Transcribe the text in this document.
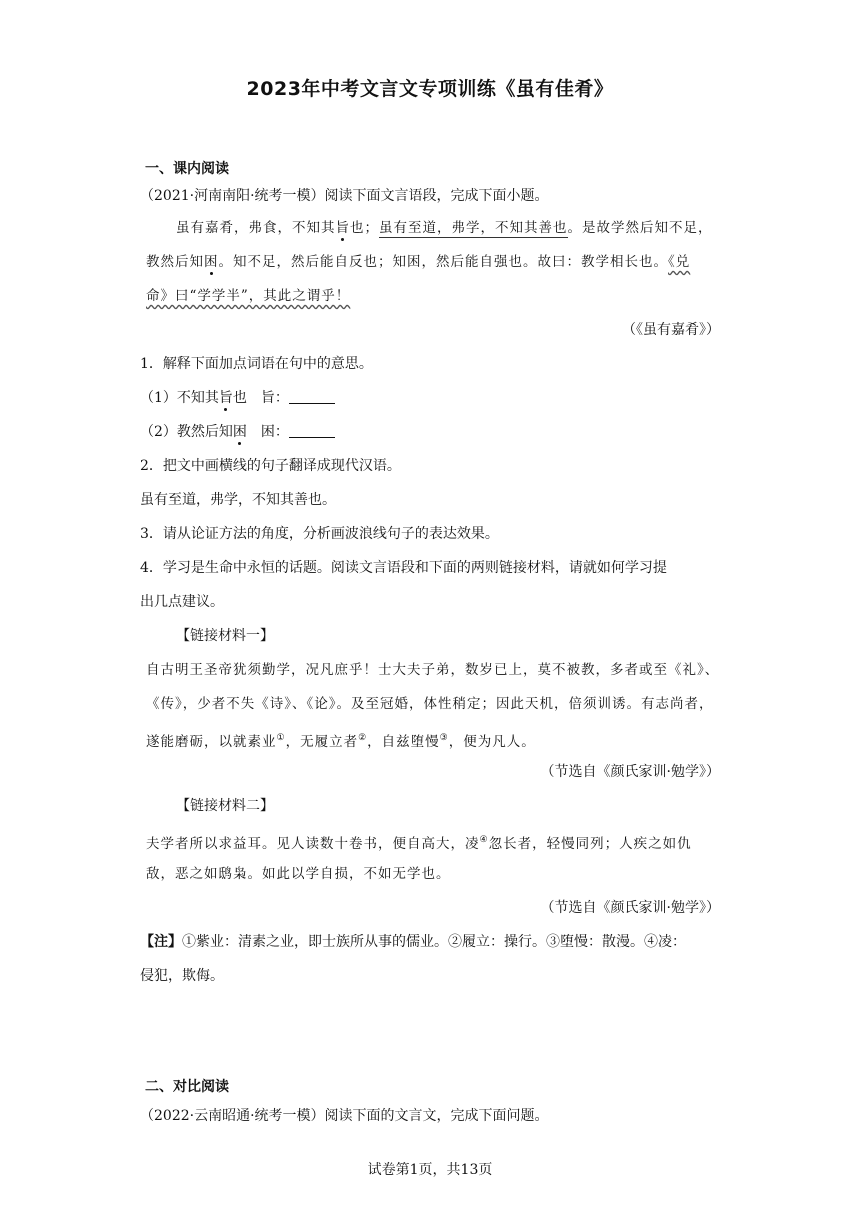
2023年中考文言文专项训练《虽有佳肴》
一、课内阅读
（2021·河南南阳·统考一模）阅读下面文言语段，完成下面小题。
虽有嘉肴，弗食，不知其旨也；虽有至道，弗学，不知其善也。是故学然后知不足，
教然后知困。知不足，然后能自反也；知困，然后能自强也。故曰：教学相长也。《兑
命》曰“学学半”，其此之谓乎！
（《虽有嘉肴》）
1．解释下面加点词语在句中的意思。
（1）不知其旨也　旨：
（2）教然后知困　困：
2．把文中画横线的句子翻译成现代汉语。
虽有至道，弗学，不知其善也。
3．请从论证方法的角度，分析画波浪线句子的表达效果。
4．学习是生命中永恒的话题。阅读文言语段和下面的两则链接材料，请就如何学习提
出几点建议。
【链接材料一】
自古明王圣帝犹须勤学，况凡庶乎！士大夫子弟，数岁已上，莫不被教，多者或至《礼》、
《传》，少者不失《诗》、《论》。及至冠婚，体性稍定；因此天机，倍须训诱。有志尚者，
遂能磨砺，以就素业①，无履立者②，自兹堕慢③，便为凡人。
（节选自《颜氏家训·勉学》）
【链接材料二】
夫学者所以求益耳。见人读数十卷书，便自高大，凌④忽长者，轻慢同列；人疾之如仇
敌，恶之如鸱枭。如此以学自损，不如无学也。
（节选自《颜氏家训·勉学》）
【注】①紫业：清素之业，即士族所从事的儒业。②履立：操行。③堕慢：散漫。④凌：
侵犯，欺侮。
二、对比阅读
（2022·云南昭通·统考一模）阅读下面的文言文，完成下面问题。
试卷第1页，共13页
